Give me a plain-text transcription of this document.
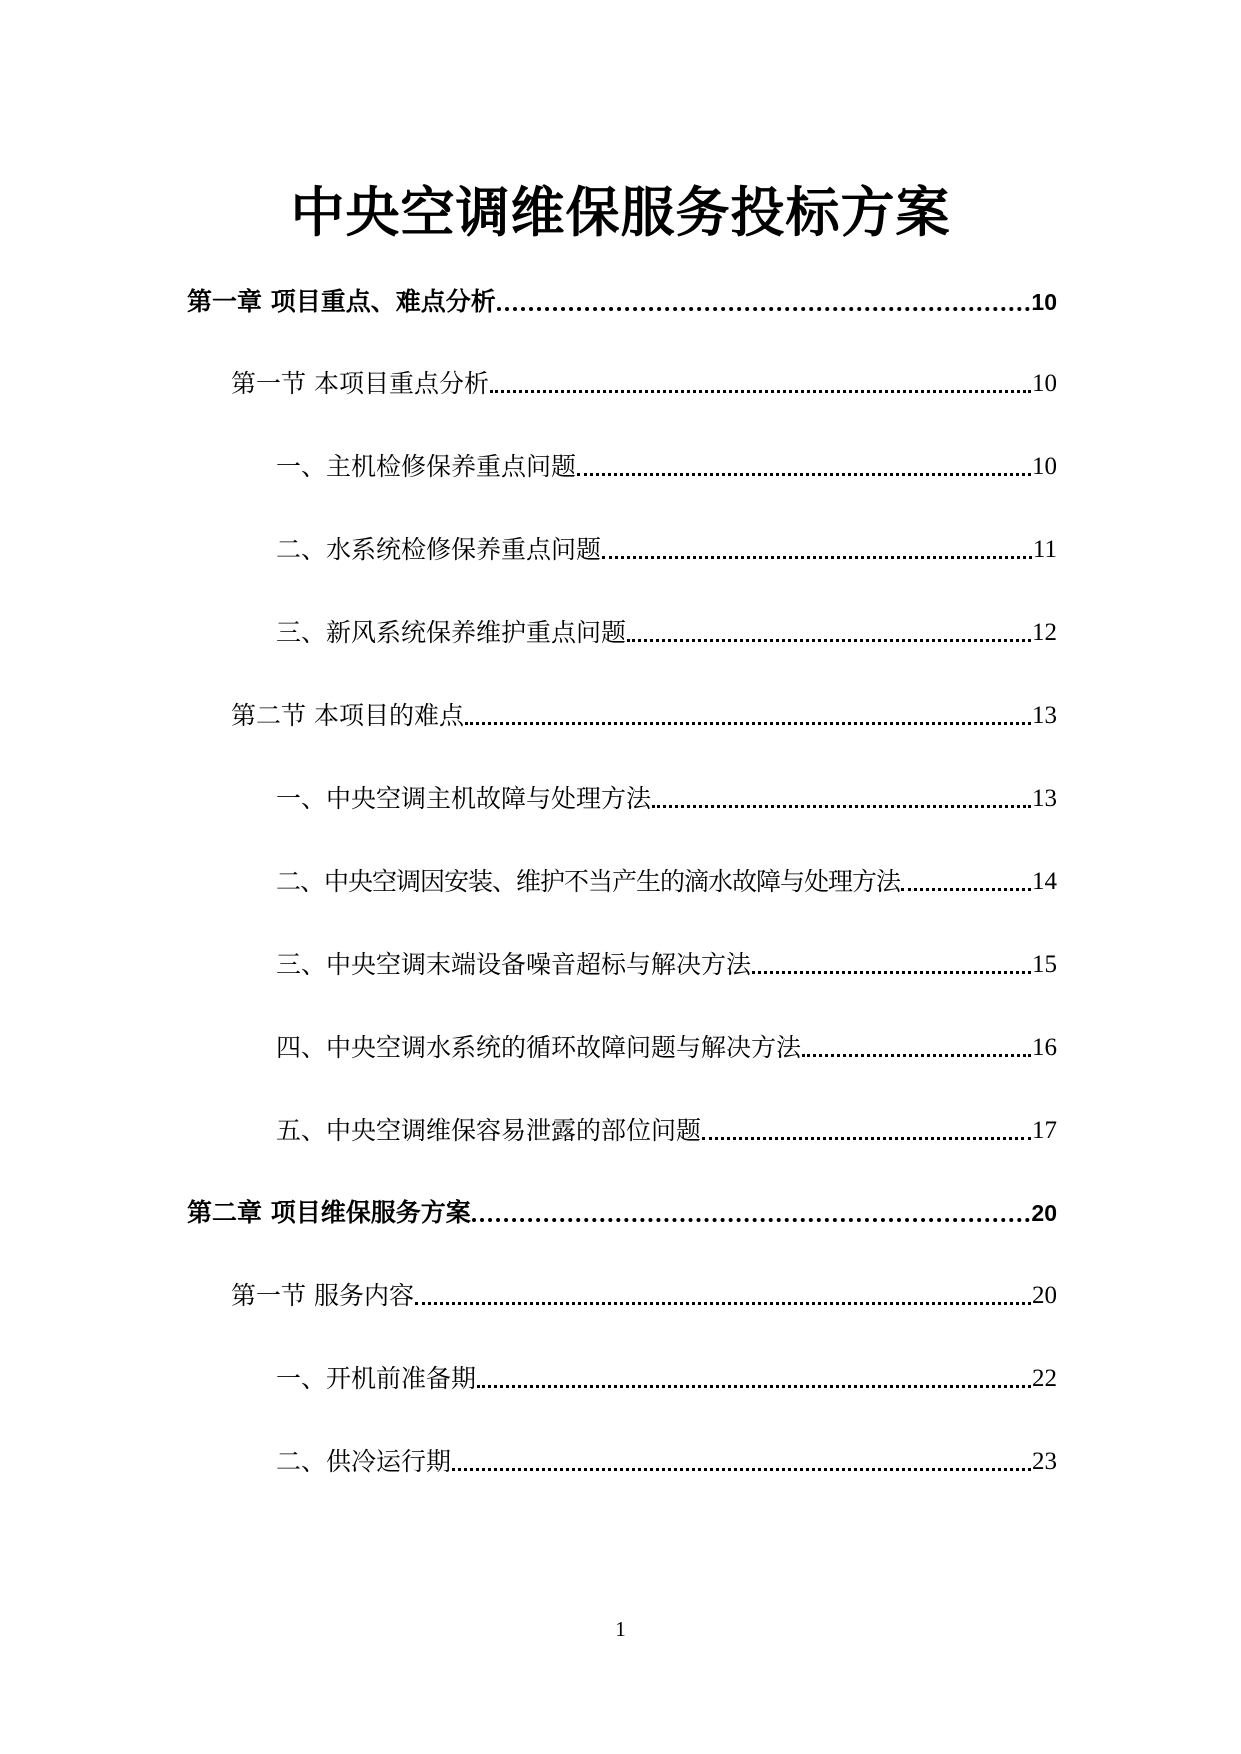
中央空调维保服务投标方案
第一章 项目重点、难点分析	10
第一节 本项目重点分析	10
一、主机检修保养重点问题	10
二、水系统检修保养重点问题	11
三、新风系统保养维护重点问题	12
第二节 本项目的难点	13
一、中央空调主机故障与处理方法	13
二、中央空调因安装、维护不当产生的滴水故障与处理方法	14
三、中央空调末端设备噪音超标与解决方法	15
四、中央空调水系统的循环故障问题与解决方法	16
五、中央空调维保容易泄露的部位问题	17
第二章 项目维保服务方案	20
第一节 服务内容	20
一、开机前准备期	22
二、供冷运行期	23
1
